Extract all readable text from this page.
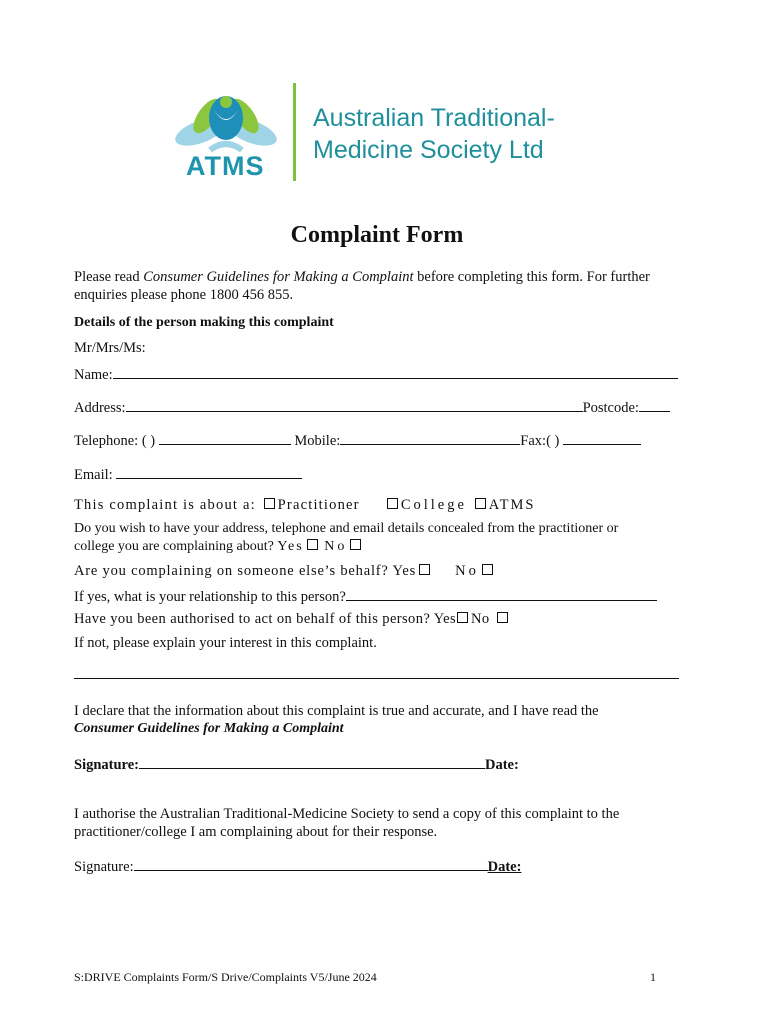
ATMS
Australian Traditional-
Medicine Society Ltd
Complaint Form
Please read Consumer Guidelines for Making a Complaint before completing this form. For further
enquiries please phone 1800 456 855.
Details of the person making this complaint
Mr/Mrs/Ms:
Name:
Address:	Postcode:
Telephone: ( )	Mobile:	Fax:( )
Email:
This complaint is about a: Practitioner	College ATMS
Do you wish to have your address, telephone and email details concealed from the practitioner or
college you are complaining about? Yes No
Are you complaining on someone else’s behalf? Yes	No
If yes, what is your relationship to this person?
Have you been authorised to act on behalf of this person? Yes No
If not, please explain your interest in this complaint.
I declare that the information about this complaint is true and accurate, and I have read the
Consumer Guidelines for Making a Complaint
Signature:	Date:
I authorise the Australian Traditional-Medicine Society to send a copy of this complaint to the
practitioner/college I am complaining about for their response.
Signature:	Date:
S:DRIVE Complaints Form/S Drive/Complaints V5/June 2024	1
